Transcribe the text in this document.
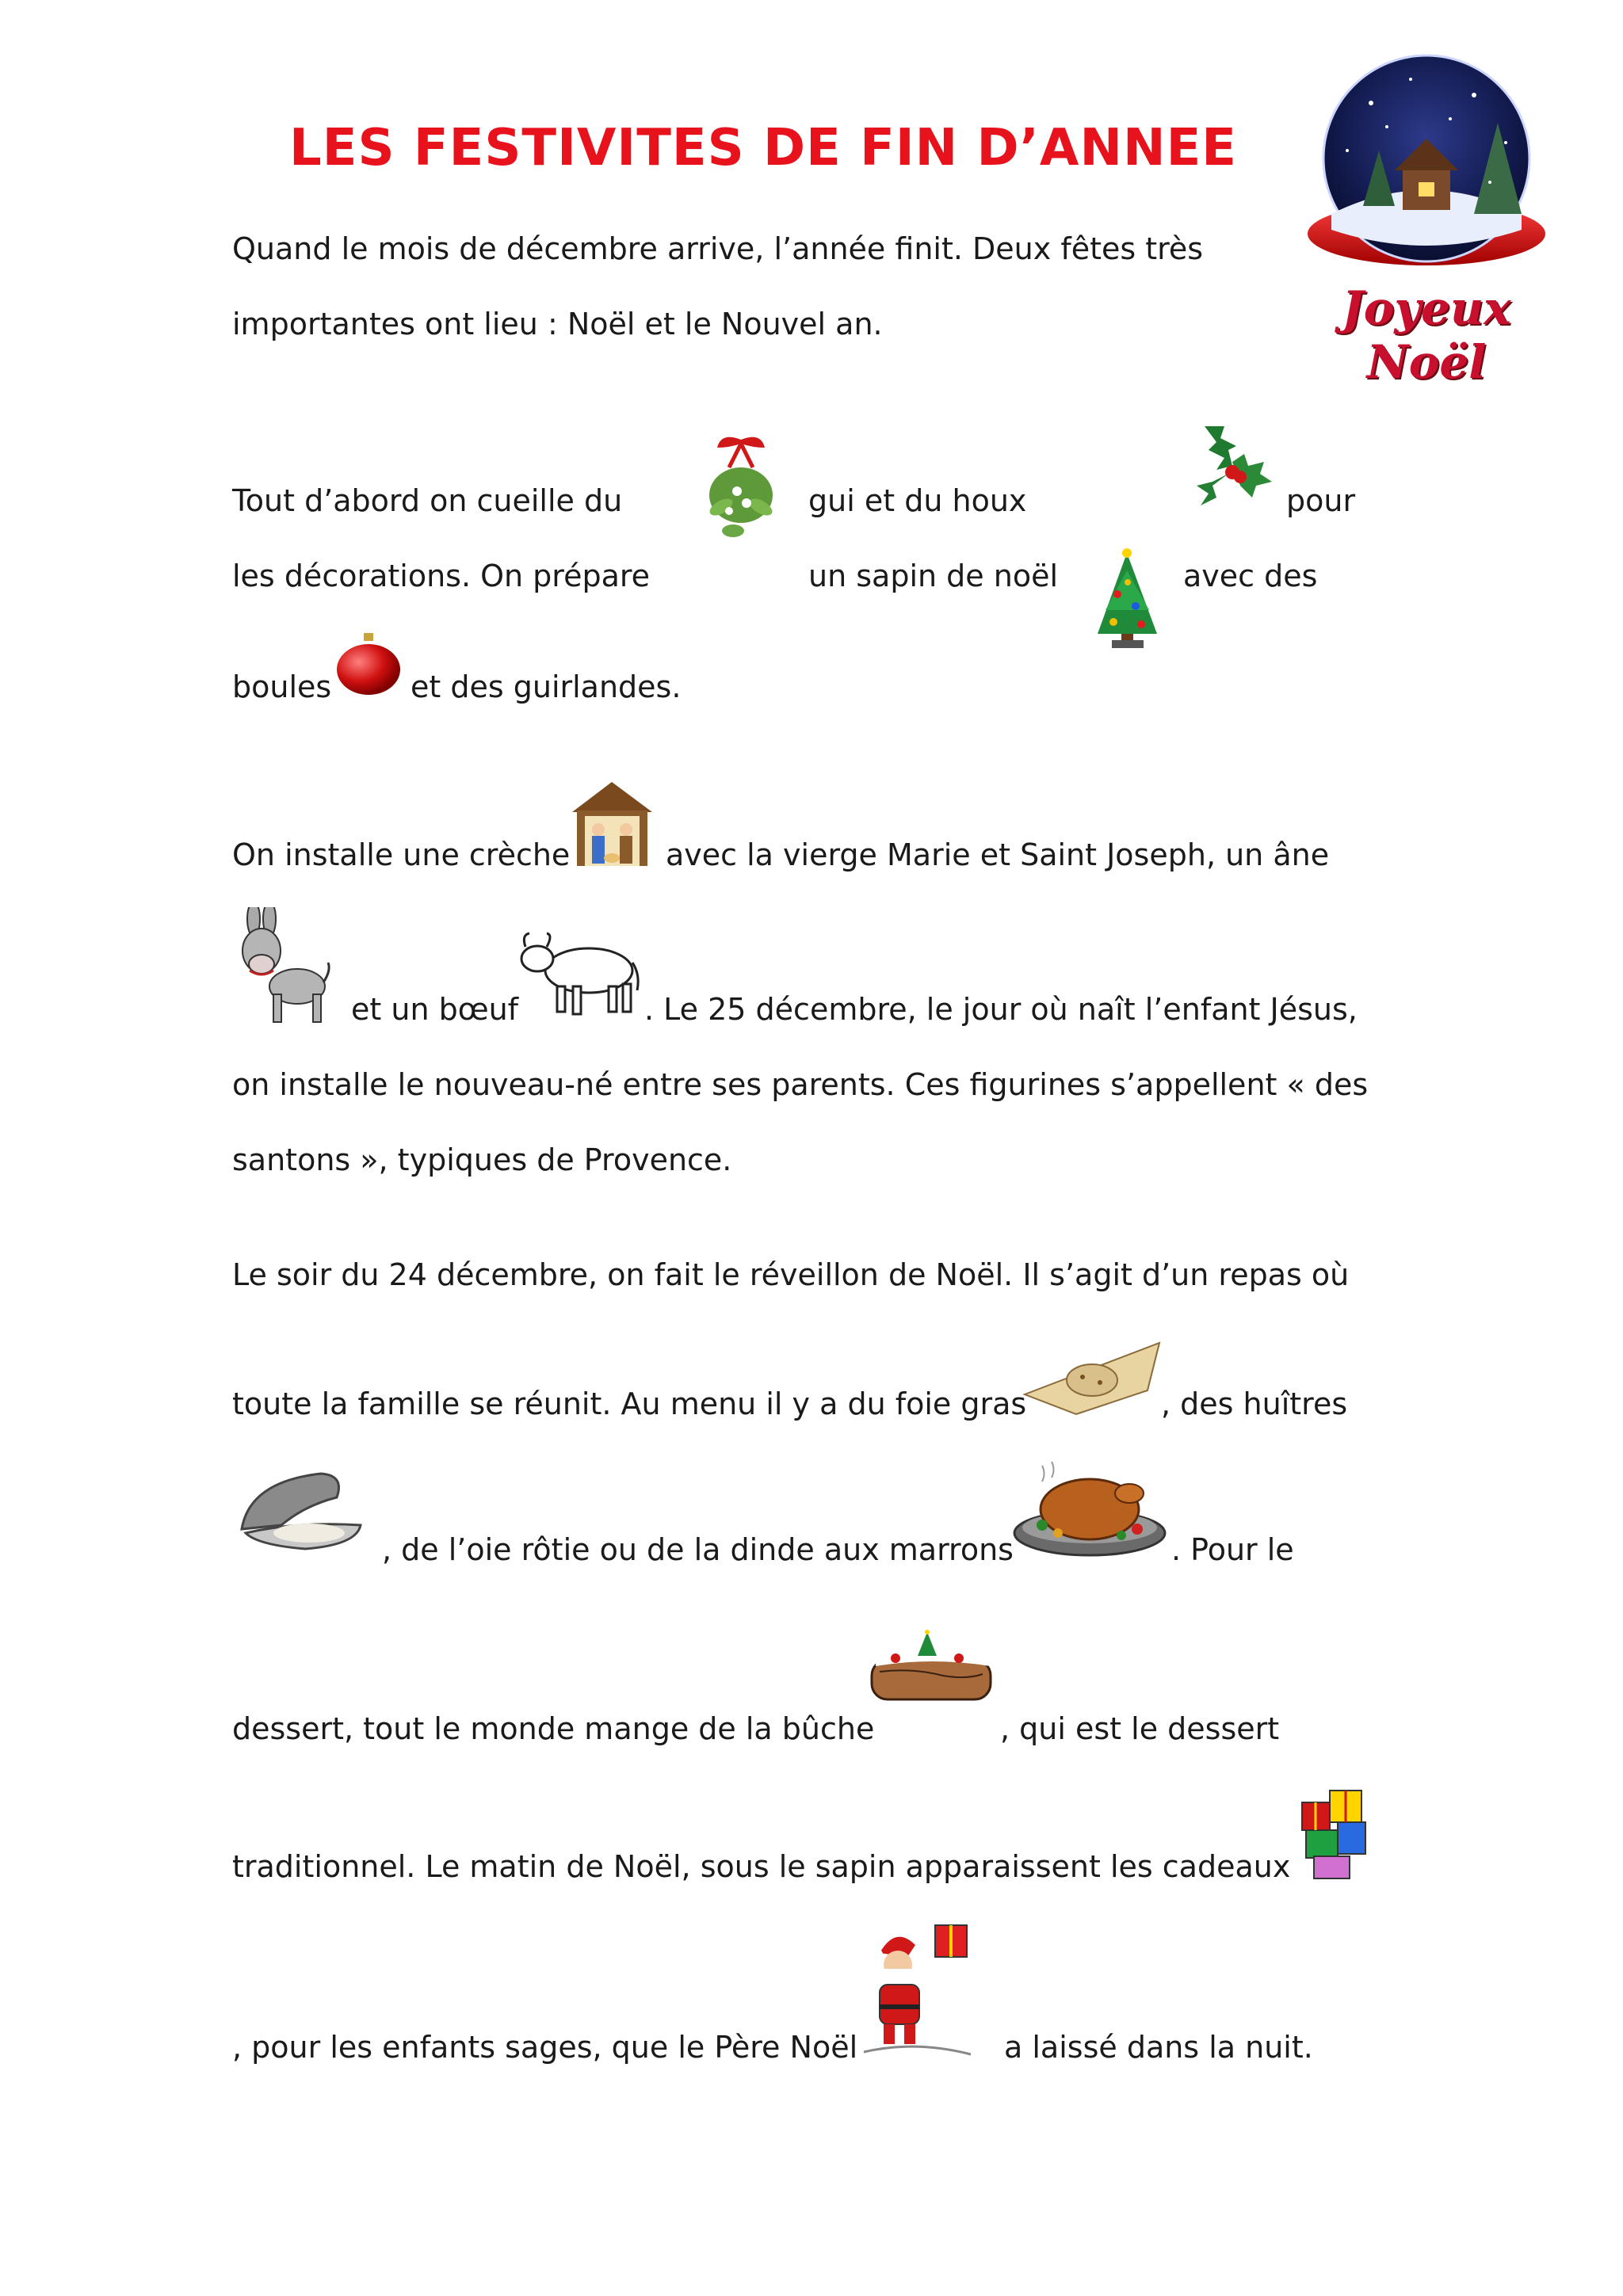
LES FESTIVITES DE FIN D’ANNEE
Joyeux Noël
Quand le mois de décembre arrive, l’année finit. Deux fêtes très
importantes ont lieu : Noël et le Nouvel an.
Tout d’abord on cueille du	gui et du houx	pour
les décorations. On prépare	un sapin de noël	avec des
boules	et des guirlandes.
On installe une crèche	avec la vierge Marie et Saint Joseph, un âne
et un bœuf	. Le 25 décembre, le jour où naît l’enfant Jésus,
on installe le nouveau-né entre ses parents. Ces figurines s’appellent « des
santons », typiques de Provence.
Le soir du 24 décembre, on fait le réveillon de Noël. Il s’agit d’un repas où
toute la famille se réunit. Au menu il y a du foie gras	, des huîtres
, de l’oie rôtie ou de la dinde aux marrons	. Pour le
dessert, tout le monde mange de la bûche	, qui est le dessert
traditionnel. Le matin de Noël, sous le sapin apparaissent les cadeaux
, pour les enfants sages, que le Père Noël	a laissé dans la nuit.
